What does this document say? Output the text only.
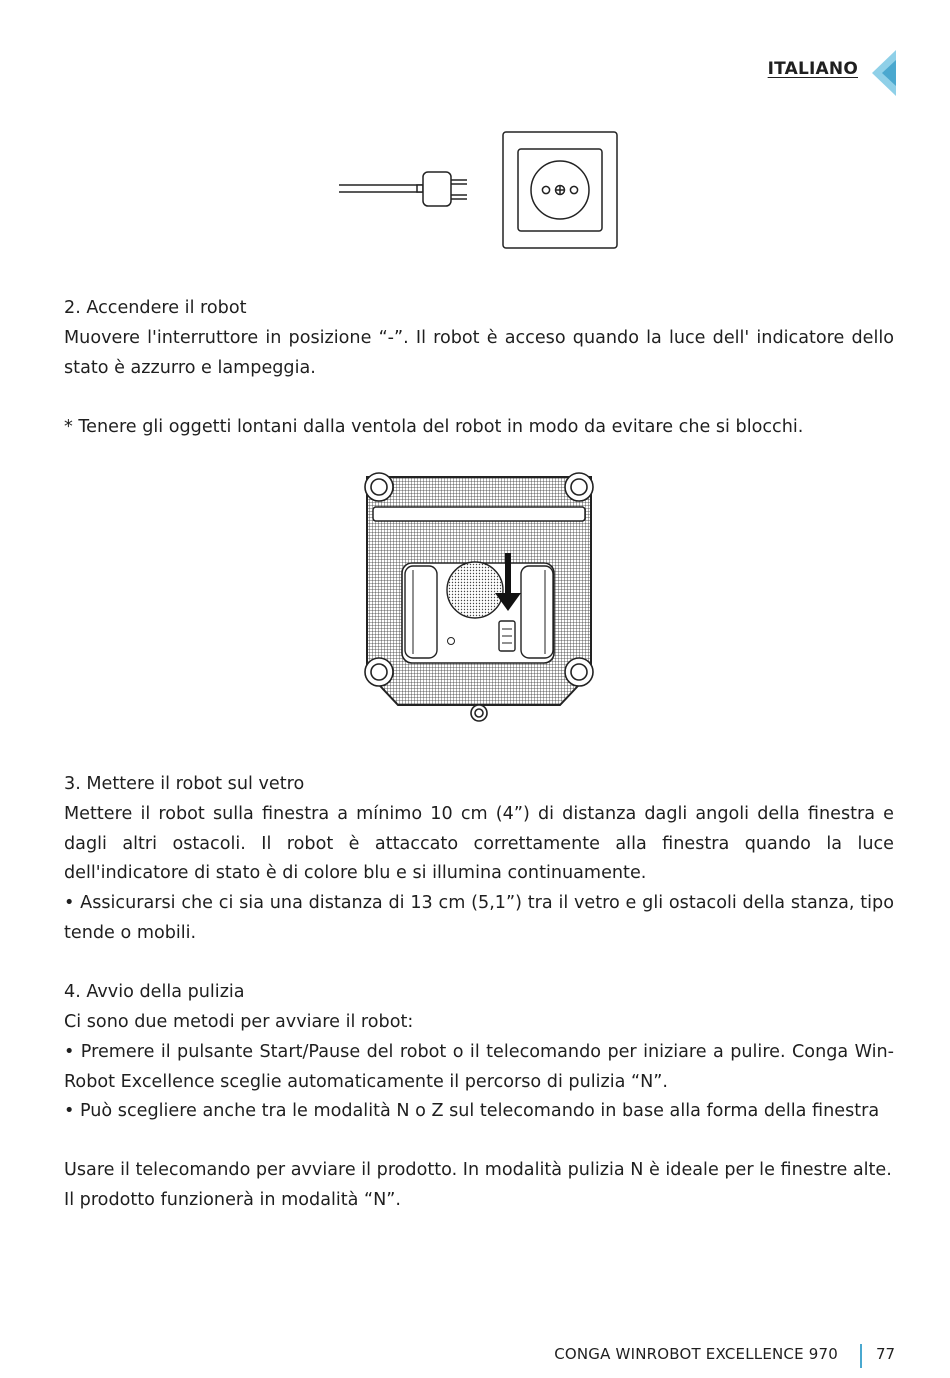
ITALIANO

2. Accendere il robot

Muovere l'interruttore in posizione “-”. Il robot è acceso quando la luce dell' indicatore dello stato è azzurro e lampeggia.

* Tenere gli oggetti lontani dalla ventola del robot in modo da evitare che si blocchi.

3. Mettere il robot sul vetro

Mettere il robot sulla finestra a mínimo 10 cm (4”) di distanza dagli angoli della finestra e dagli altri ostacoli. Il robot è attaccato correttamente alla finestra quando la luce dell'indicatore di stato è di colore blu e si illumina continuamente.

• Assicurarsi che ci sia una distanza di 13 cm (5,1”) tra il vetro e gli ostacoli della stanza, tipo tende o mobili.

4. Avvio della pulizia

Ci sono due metodi per avviare il robot:

• Premere il pulsante Start/Pause del robot o il telecomando per iniziare a pulire. Conga Win-Robot Excellence sceglie automaticamente il percorso di pulizia “N”.

• Può scegliere anche tra le modalità N o Z sul telecomando in base alla forma della finestra

Usare il telecomando per avviare il prodotto. In modalità pulizia N è ideale per le finestre alte.

Il prodotto funzionerà in modalità “N”.

CONGA WINROBOT EXCELLENCE 970	77
